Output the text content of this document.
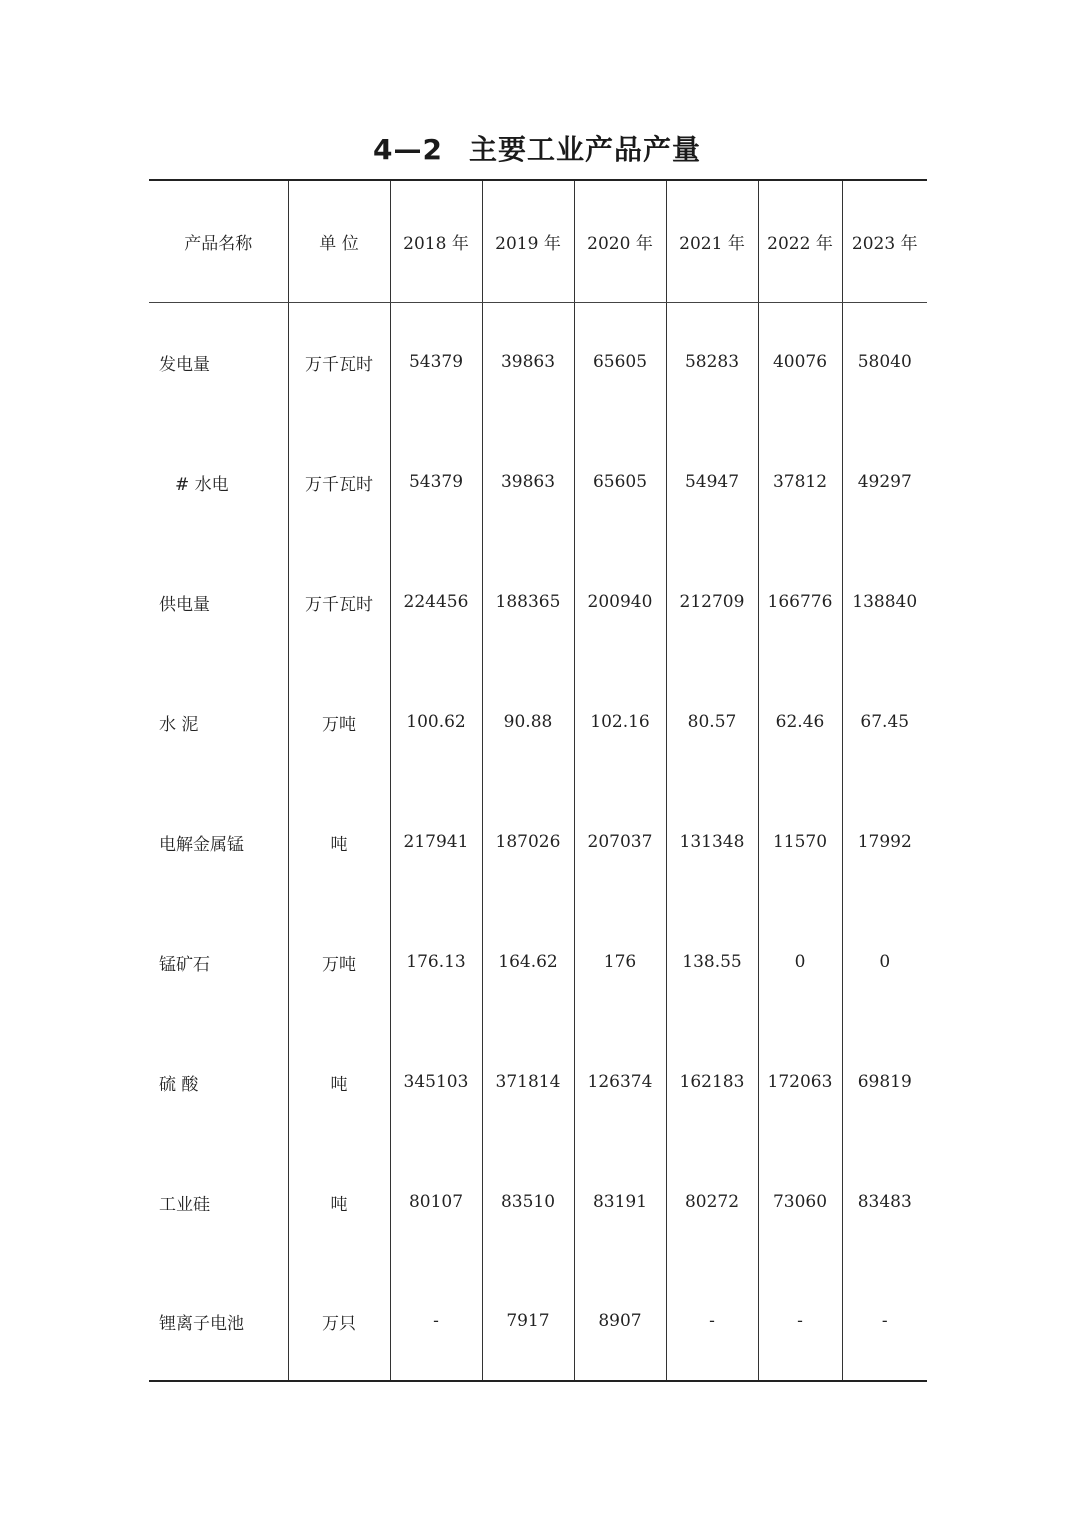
4—2 主要工业产品产量
产品名称	单 位	2018 年	2019 年	2020 年	2021 年	2022 年	2023 年
发电量	万千瓦时	54379	39863	65605	58283	40076	58040
# 水电	万千瓦时	54379	39863	65605	54947	37812	49297
供电量	万千瓦时	224456	188365	200940	212709	166776	138840
水 泥	万吨	100.62	90.88	102.16	80.57	62.46	67.45
电解金属锰	吨	217941	187026	207037	131348	11570	17992
锰矿石	万吨	176.13	164.62	176	138.55	0	0
硫 酸	吨	345103	371814	126374	162183	172063	69819
工业硅	吨	80107	83510	83191	80272	73060	83483
锂离子电池	万只	-	7917	8907	-	-	-
